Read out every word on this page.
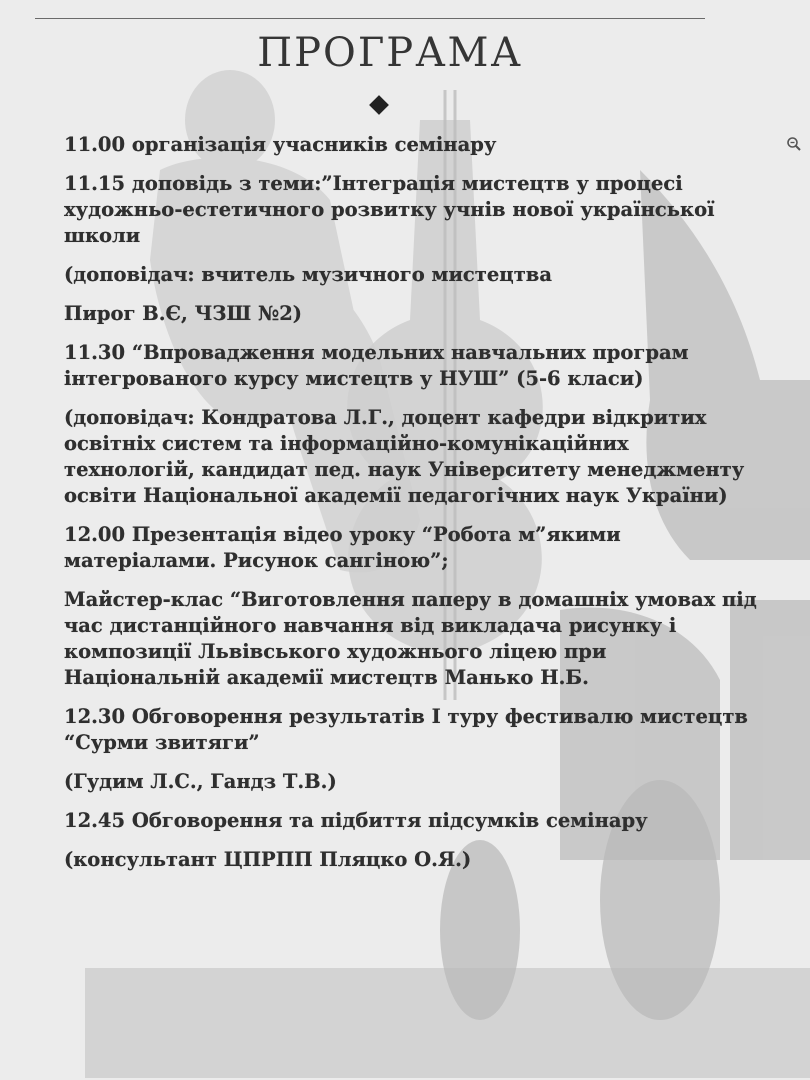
ПРОГРАМА

11.00 організація учасників семінару

11.15 доповідь з теми:”Інтеграція мистецтв у процесі художньо-естетичного розвитку учнів нової української школи

(доповідач: вчитель музичного мистецтва

Пирог В.Є, ЧЗШ №2)

11.30 “Впровадження модельних навчальних програм інтегрованого курсу мистецтв у НУШ” (5-6 класи)

(доповідач: Кондратова Л.Г., доцент кафедри відкритих освітніх систем та інформаційно-комунікаційних технологій, кандидат пед. наук Університету менеджменту освіти Національної академії педагогічних наук України)

12.00 Презентація відео уроку “Робота м”якими матеріалами. Рисунок сангіною”;

Майстер-клас “Виготовлення паперу в домашніх умовах під час дистанційного навчання від викладача рисунку і композиції Львівського художнього ліцею при Національній академії мистецтв Манько Н.Б.

12.30 Обговорення результатів І туру фестивалю мистецтв “Сурми звитяги”

(Гудим Л.С., Гандз Т.В.)

12.45 Обговорення та підбиття підсумків семінару

(консультант ЦПРПП Пляцко О.Я.)
